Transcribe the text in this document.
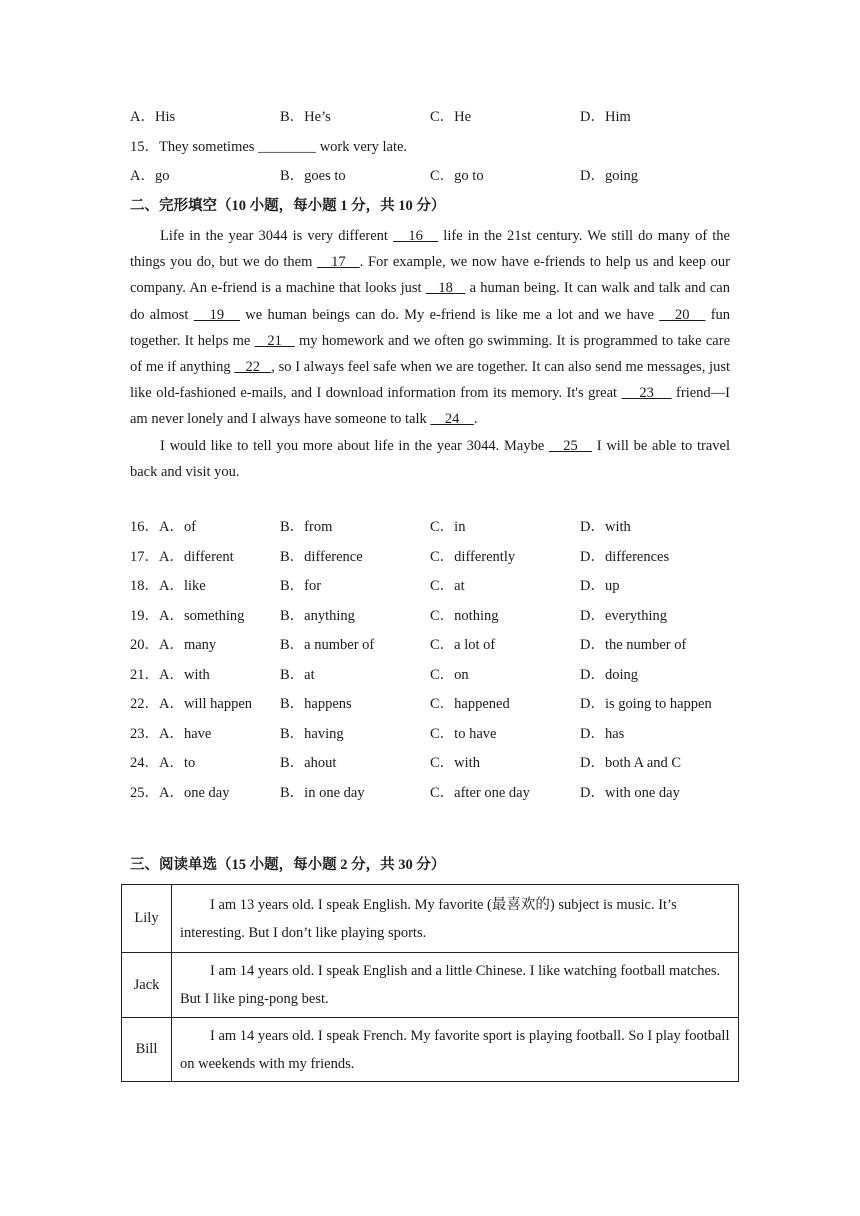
A．His	B．He’s	C．He	D．Him
15．They sometimes ________ work very late.
A．go	B．goes to	C．go to	D．going
二、完形填空（10 小题，每小题 1 分，共 10 分）

Life in the year 3044 is very different    16    life in the 21st century. We still do many of the things you do, but we do them    17   . For example, we now have e-friends to help us and keep our company. An e-friend is a machine that looks just    18    a human being. It can walk and talk and can do almost    19    we human beings can do. My e-friend is like me a lot and we have    20    fun together. It helps me    21    my homework and we often go swimming. It is programmed to take care of me if anything    22   , so I always feel safe when we are together. It can also send me messages, just like old-fashioned e-mails, and I download information from its memory. It's great     23     friend—I am never lonely and I always have someone to talk     24    .

I would like to tell you more about life in the year 3044. Maybe    25    I will be able to travel back and visit you.

16．A．of	B．from	C．in	D．with
17．A．different	B．difference	C．differently	D．differences
18．A．like	B．for	C．at	D．up
19．A．something B．anything	C．nothing	D．everything
20．A．many	B．a number of	C．a lot of	D．the number of
21．A．with	B．at	C．on	D．doing
22．A．will happen B．happens	C．happened	D．is going to happen
23．A．have	B．having	C．to have	D．has
24．A．to	B．ahout	C．with	D．both A and C
25．A．one day	B．in one day	C．after one day	D．with one day
三、阅读单选（15 小题，每小题 2 分，共 30 分）
Lily	I am 13 years old. I speak English. My favorite (最喜欢的) subject is music. It’s interesting. But I don’t like playing sports.

Jack	I am 14 years old. I speak English and a little Chinese. I like watching football matches. But I like ping-pong best.

Bill	I am 14 years old. I speak French. My favorite sport is playing football. So I play football on weekends with my friends.
